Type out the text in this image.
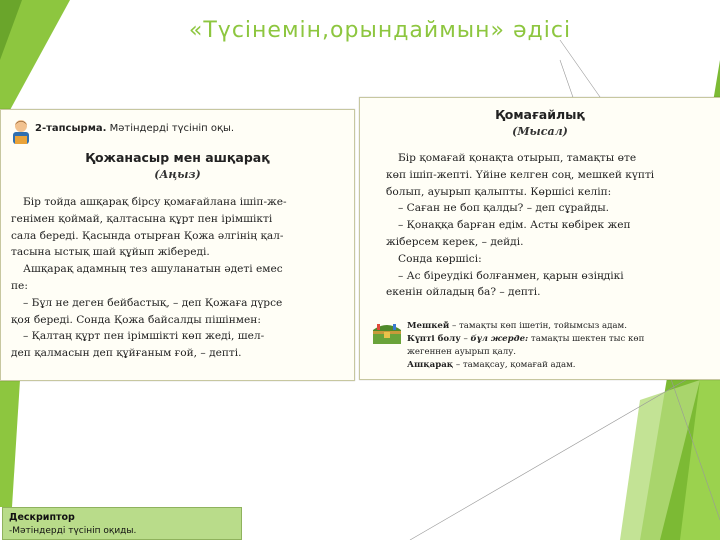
«Түсінемін,орындаймын» әдісі
2-тапсырма. Мәтіндерді түсініп оқы.
Қожанасыр мен ашқарақ
(Аңыз)
Бір тойда ашқарақ бірсу қомағайлана ішіп-же-
генімен қоймай, қалтасына құрт пен ірімшікті
сала береді. Қасында отырған Қожа әлгінің қал-
тасына ыстық шай құйып жібереді.
Ашқарақ адамның тез ашуланатын әдеті емес
пе:
– Бұл не деген бейбастық, – деп Қожаға дүрсе
қоя береді. Сонда Қожа байсалды пішінмен:
– Қалтаң құрт пен ірімшікті көп жеді, шел-
деп қалмасын деп құйғаным ғой, – депті.
Қомағайлық
(Мысал)
Бір қомағай қонақта отырып, тамақты өте
көп ішіп-жепті. Үйіне келген соң, мешкей күпті
болып, ауырып қалыпты. Көршісі келіп:
– Саған не боп қалды? – деп сұрайды.
– Қонаққа барған едім. Асты көбірек жеп
жіберсем керек, – дейді.
Сонда көршісі:
– Ас біреудікі болғанмен, қарын өзіңдікі
екенін ойладың ба? – депті.
Мешкей – тамақты көп ішетін, тойымсыз адам.
Күпті болу – бұл жерде: тамақты шектен тыс көп
жегеннен ауырып қалу.
Ашқарақ – тамақсау, қомағай адам.
Дескриптор
-Мәтіндерді түсініп оқиды.
